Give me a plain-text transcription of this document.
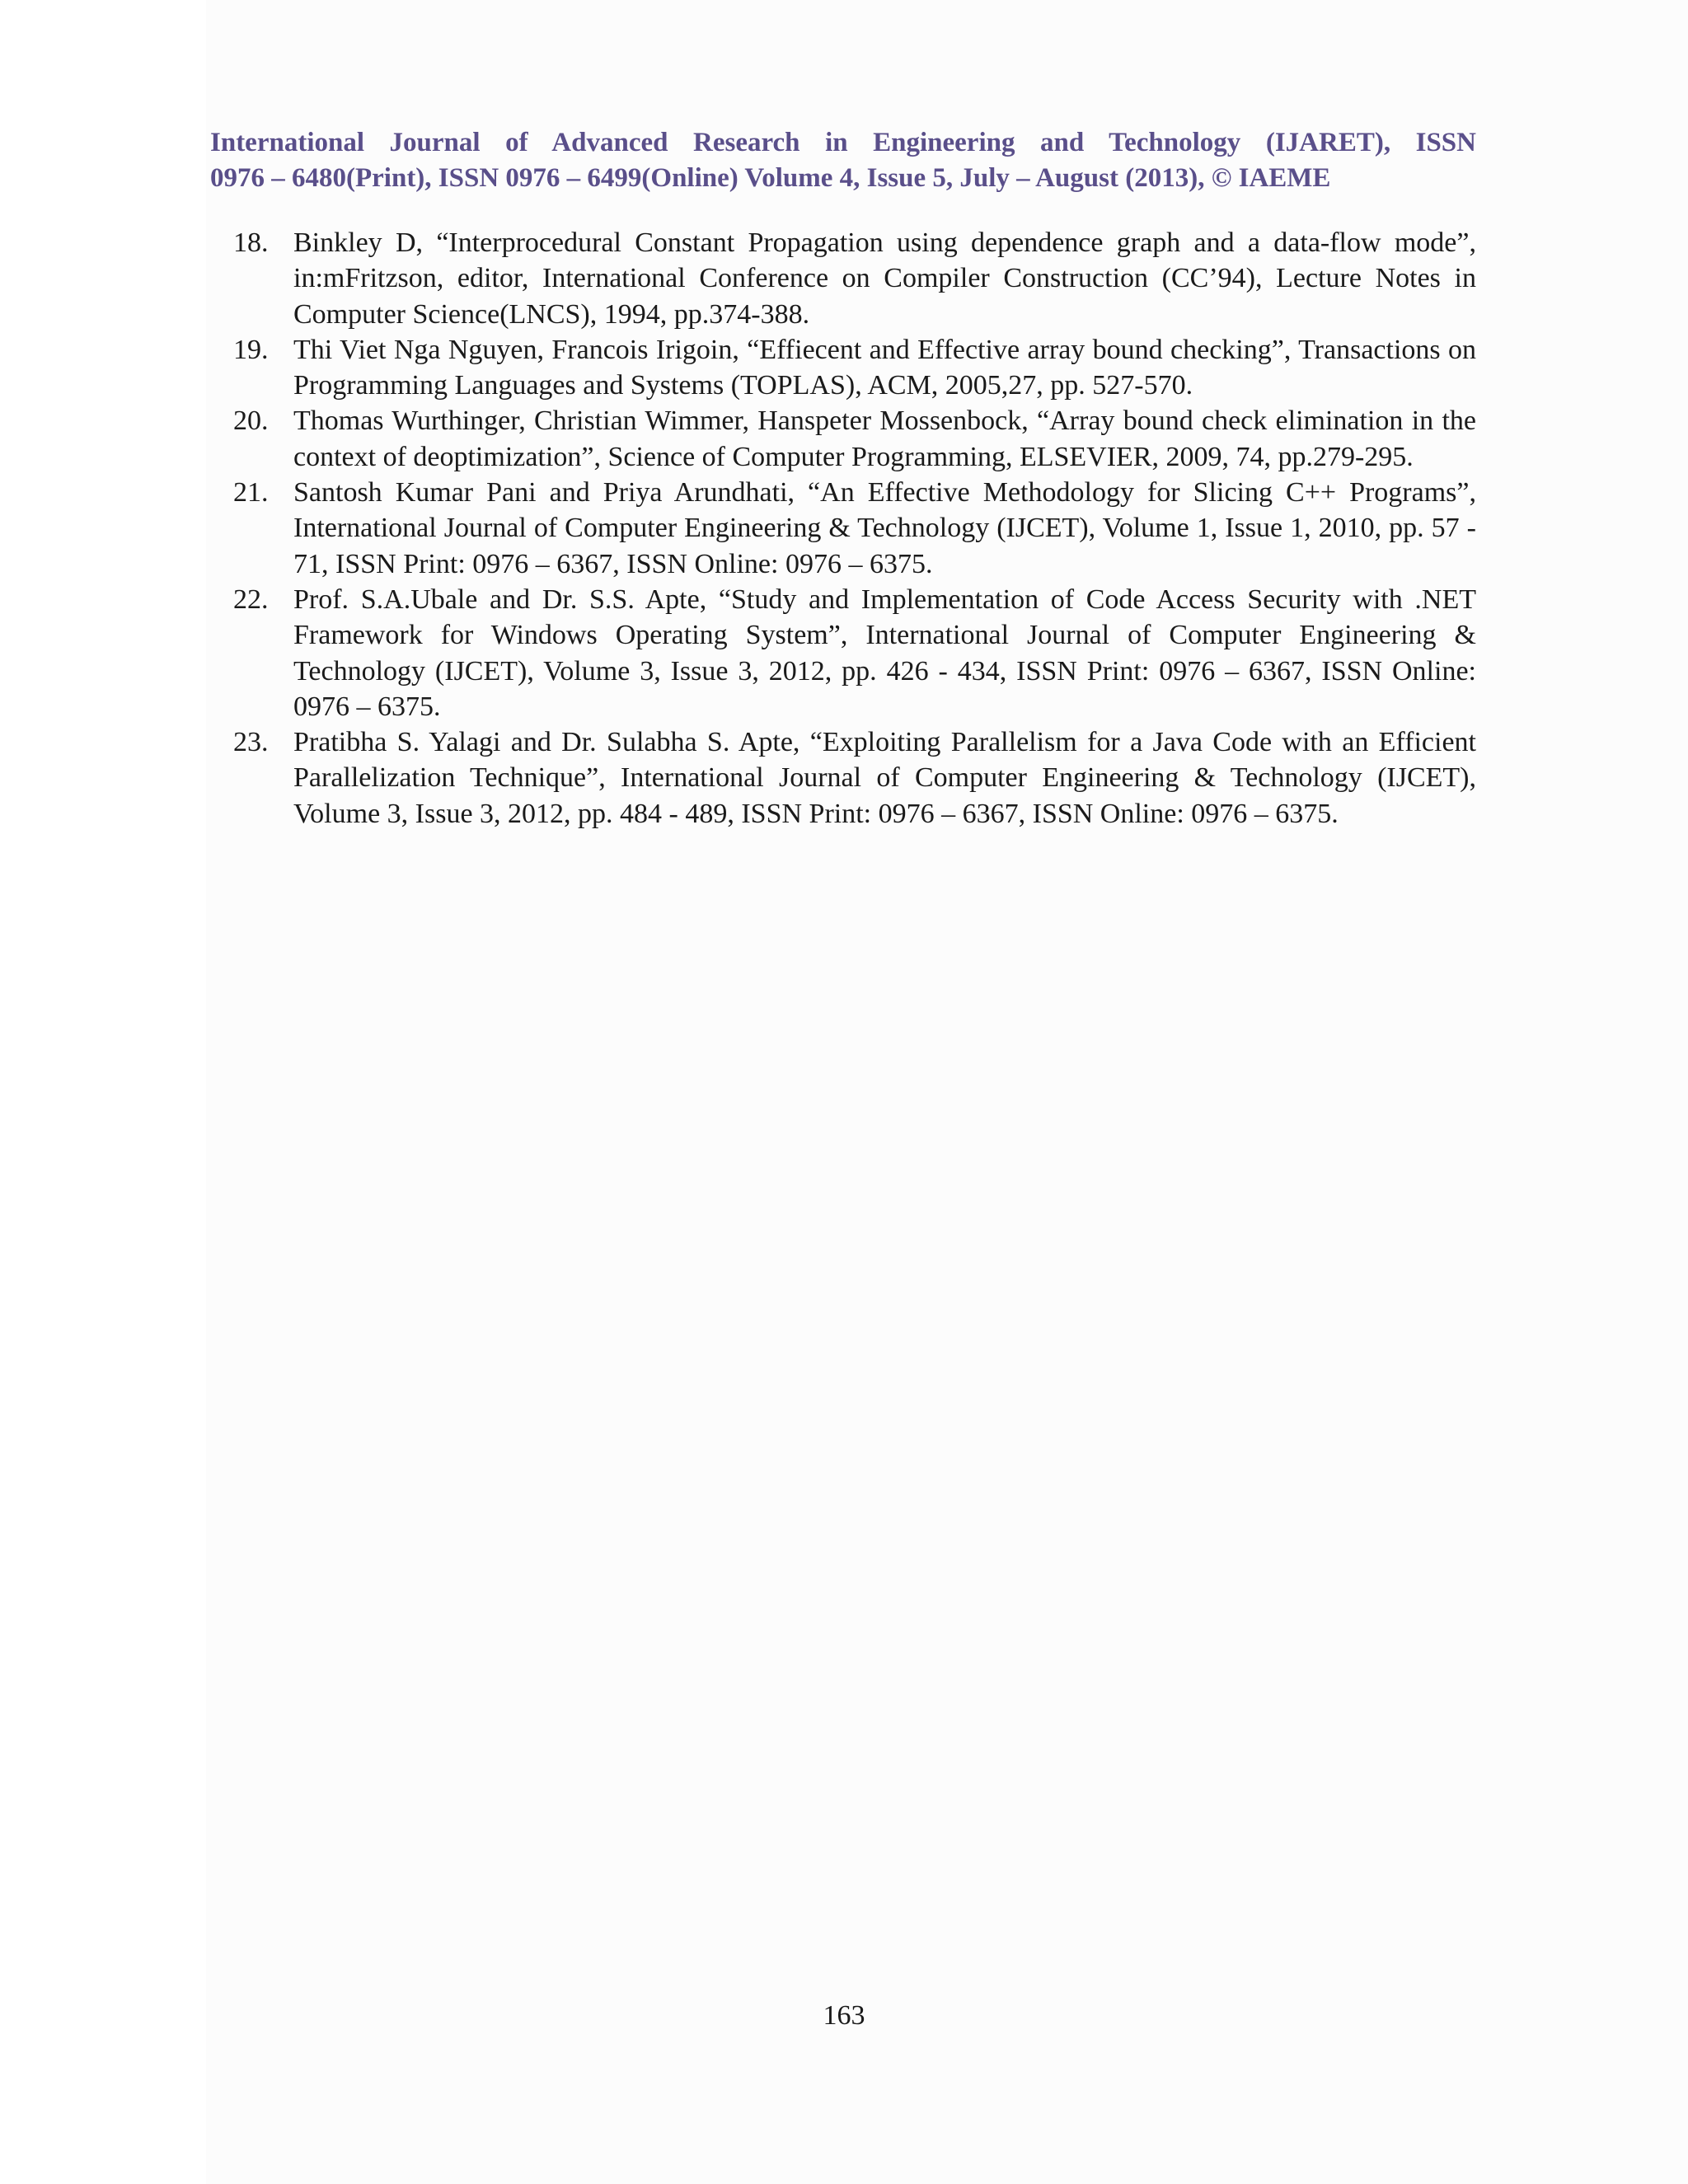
International Journal of Advanced Research in Engineering and Technology (IJARET), ISSN
0976 – 6480(Print), ISSN 0976 – 6499(Online) Volume 4, Issue 5, July – August (2013), © IAEME
18. Binkley D, “Interprocedural Constant Propagation using dependence graph and a data-flow mode”, in:mFritzson, editor, International Conference on Compiler Construction (CC’94), Lecture Notes in Computer Science(LNCS), 1994, pp.374-388.
19. Thi Viet Nga Nguyen, Francois Irigoin, “Effiecent and Effective array bound checking”, Transactions on Programming Languages and Systems (TOPLAS), ACM, 2005,27, pp. 527-570.
20. Thomas Wurthinger, Christian Wimmer, Hanspeter Mossenbock, “Array bound check elimination in the context of deoptimization”, Science of Computer Programming, ELSEVIER, 2009, 74, pp.279-295.
21. Santosh Kumar Pani and Priya Arundhati, “An Effective Methodology for Slicing C++ Programs”, International Journal of Computer Engineering & Technology (IJCET), Volume 1, Issue 1, 2010, pp. 57 - 71, ISSN Print: 0976 – 6367, ISSN Online: 0976 – 6375.
22. Prof. S.A.Ubale and Dr. S.S. Apte, “Study and Implementation of Code Access Security with .NET Framework for Windows Operating System”, International Journal of Computer Engineering & Technology (IJCET), Volume 3, Issue 3, 2012, pp. 426 - 434, ISSN Print: 0976 – 6367, ISSN Online: 0976 – 6375.
23. Pratibha S. Yalagi and Dr. Sulabha S. Apte, “Exploiting Parallelism for a Java Code with an Efficient Parallelization Technique”, International Journal of Computer Engineering & Technology (IJCET), Volume 3, Issue 3, 2012, pp. 484 - 489, ISSN Print: 0976 – 6367, ISSN Online: 0976 – 6375.
163
